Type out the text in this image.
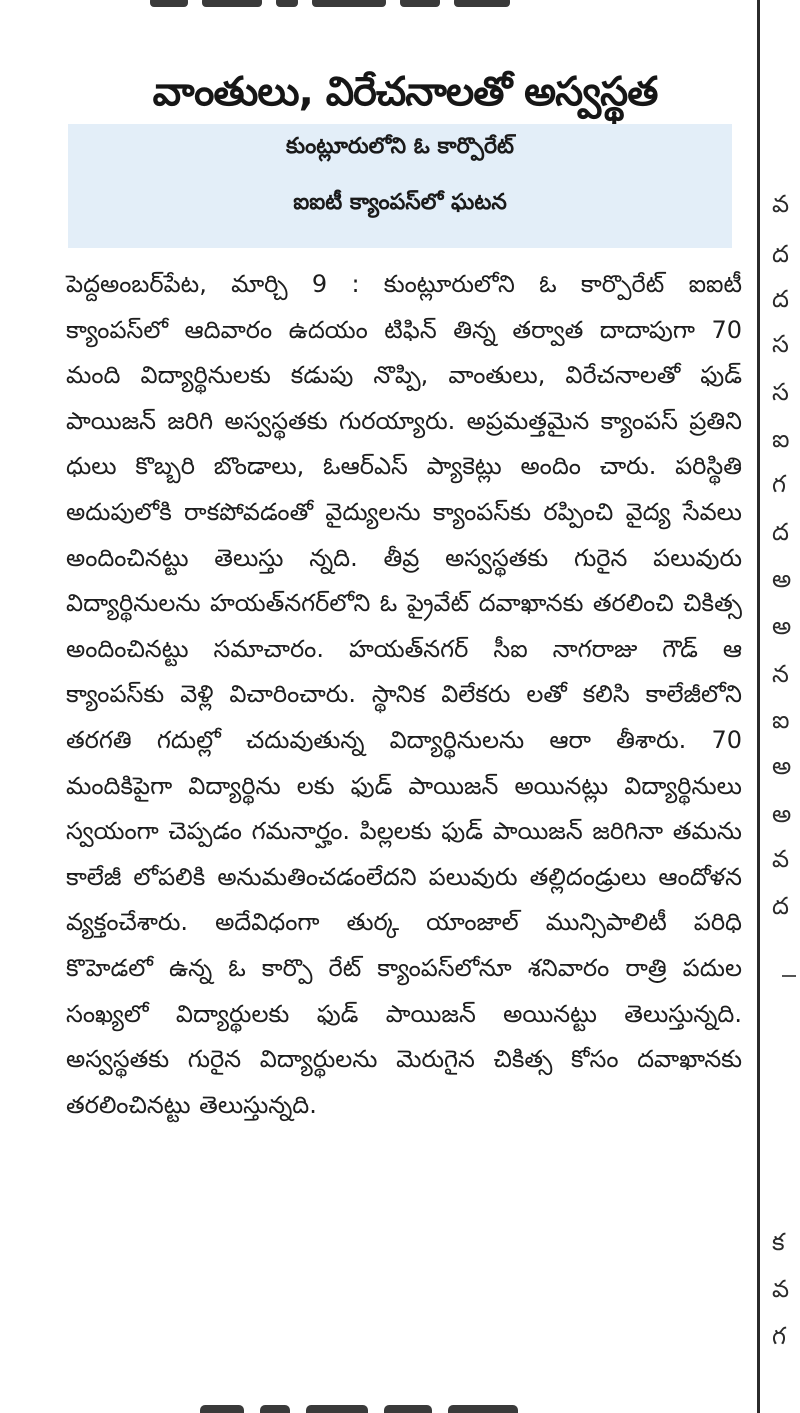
వాంతులు, విరేచనాలతో అస్వస్థత
కుంట్లూరులోని ఓ కార్పొరేట్
ఐఐటీ క్యాంపస్‌లో ఘటన
పెద్దఅంబర్‌పేట, మార్చి 9 : కుంట్లూరులోని ఓ కార్పొరేట్ ఐఐటీ క్యాంపస్‌లో ఆదివారం ఉదయం టిఫిన్ తిన్న తర్వాత దాదాపుగా 70 మంది విద్యార్థినులకు కడుపు నొప్పి, వాంతులు, విరేచనాలతో ఫుడ్ పాయిజన్ జరిగి అస్వస్థతకు గురయ్యారు. అప్రమత్తమైన క్యాంపస్ ప్రతిని ధులు కొబ్బరి బొండాలు, ఓఆర్‌ఎస్ ప్యాకెట్లు అందిం చారు. పరిస్థితి అదుపులోకి రాకపోవడంతో వైద్యులను క్యాంపస్‌కు రప్పించి వైద్య సేవలు అందించినట్టు తెలుస్తు న్నది. తీవ్ర అస్వస్థతకు గురైన పలువురు విద్యార్థినులను హయత్‌నగర్‌లోని ఓ ప్రైవేట్ దవాఖానకు తరలించి చికిత్స అందించినట్టు సమాచారం. హయత్‌నగర్ సీఐ నాగరాజు గౌడ్ ఆ క్యాంపస్‌కు వెళ్లి విచారించారు. స్థానిక విలేకరు లతో కలిసి కాలేజీలోని తరగతి గదుల్లో చదువుతున్న విద్యార్థినులను ఆరా తీశారు. 70 మందికిపైగా విద్యార్థిను లకు ఫుడ్ పాయిజన్ అయినట్లు విద్యార్థినులు స్వయంగా చెప్పడం గమనార్హం. పిల్లలకు ఫుడ్ పాయిజన్ జరిగినా తమను కాలేజీ లోపలికి అనుమతించడంలేదని పలువురు తల్లిదండ్రులు ఆందోళన వ్యక్తంచేశారు. అదేవిధంగా తుర్క యాంజాల్ మున్సిపాలిటీ పరిధి కొహెడలో ఉన్న ఓ కార్పొ రేట్ క్యాంపస్‌లోనూ శనివారం రాత్రి పదుల సంఖ్యలో విద్యార్థులకు ఫుడ్ పాయిజన్ అయినట్టు తెలుస్తున్నది. అస్వస్థతకు గురైన విద్యార్థులను మెరుగైన చికిత్స కోసం దవాఖానకు తరలించినట్టు తెలుస్తున్నది.
వ
ద
ద
స
స
ఐ
గ
ద
అ
అ
న
ఐ
అ
అ
వ
ద
క
వ
గ
